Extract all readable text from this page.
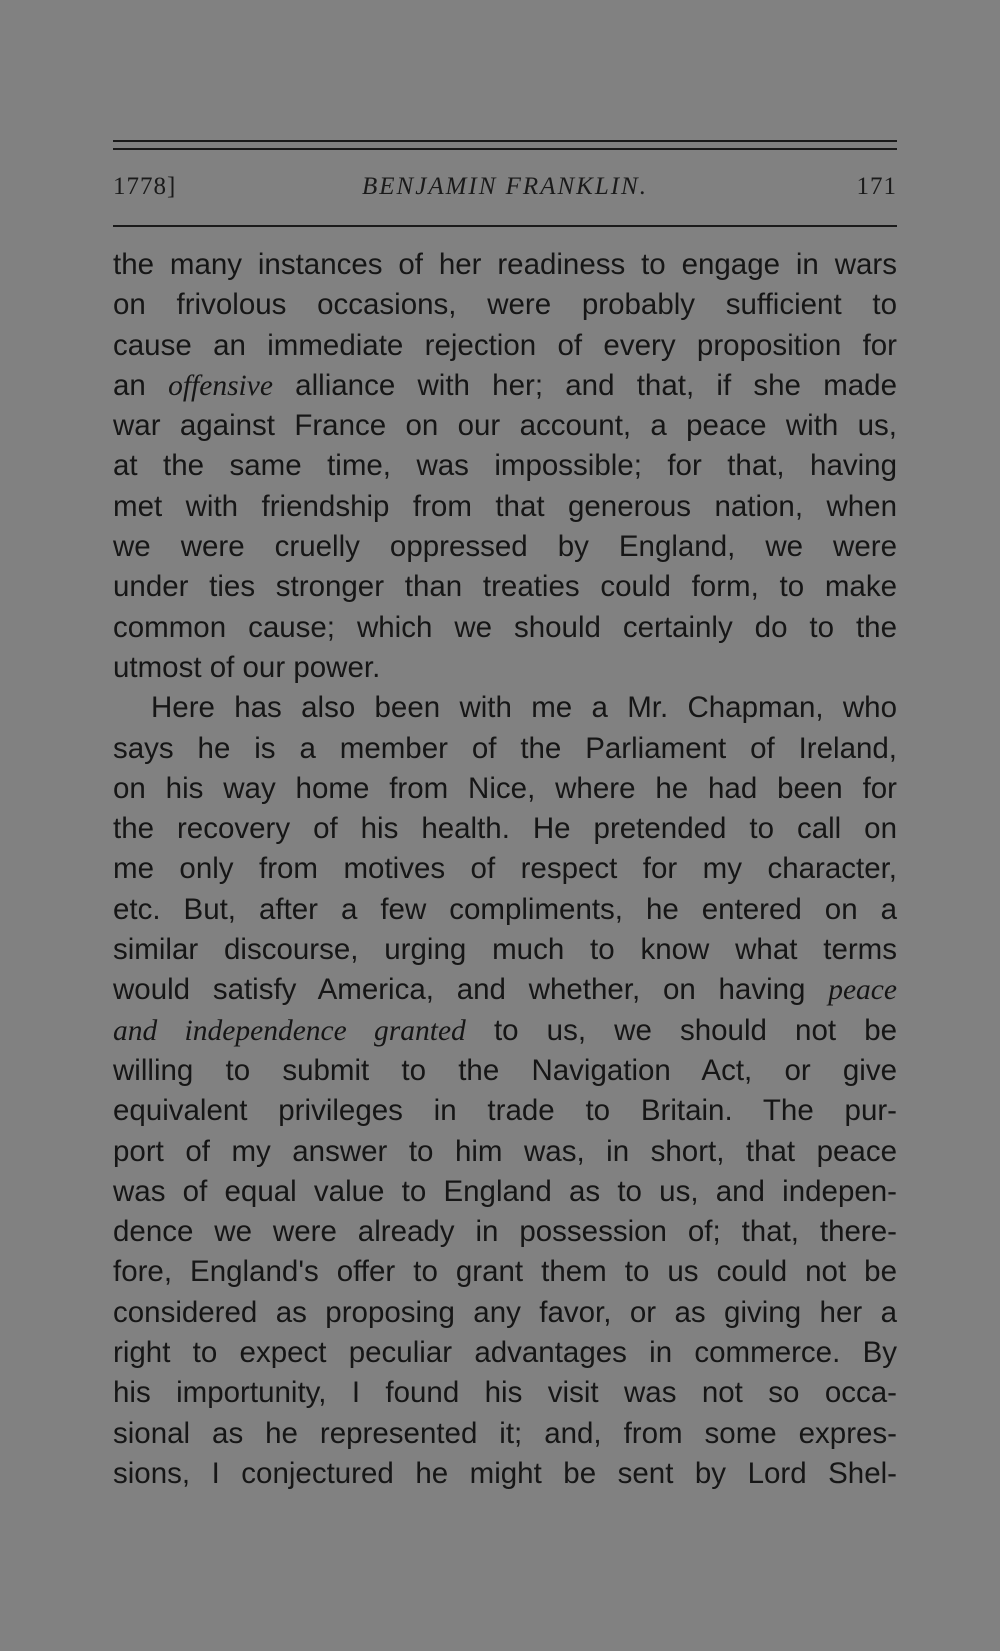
1778]	BENJAMIN FRANKLIN.	171
the many instances of her readiness to engage in wars
on frivolous occasions, were probably sufficient to
cause an immediate rejection of every proposition for
an offensive alliance with her; and that, if she made
war against France on our account, a peace with us,
at the same time, was impossible; for that, having
met with friendship from that generous nation, when
we were cruelly oppressed by England, we were
under ties stronger than treaties could form, to make
common cause; which we should certainly do to the
utmost of our power.
Here has also been with me a Mr. Chapman, who
says he is a member of the Parliament of Ireland,
on his way home from Nice, where he had been for
the recovery of his health. He pretended to call on
me only from motives of respect for my character,
etc. But, after a few compliments, he entered on a
similar discourse, urging much to know what terms
would satisfy America, and whether, on having peace
and independence granted to us, we should not be
willing to submit to the Navigation Act, or give
equivalent privileges in trade to Britain. The pur-
port of my answer to him was, in short, that peace
was of equal value to England as to us, and indepen-
dence we were already in possession of; that, there-
fore, England's offer to grant them to us could not be
considered as proposing any favor, or as giving her a
right to expect peculiar advantages in commerce. By
his importunity, I found his visit was not so occa-
sional as he represented it; and, from some expres-
sions, I conjectured he might be sent by Lord Shel-
